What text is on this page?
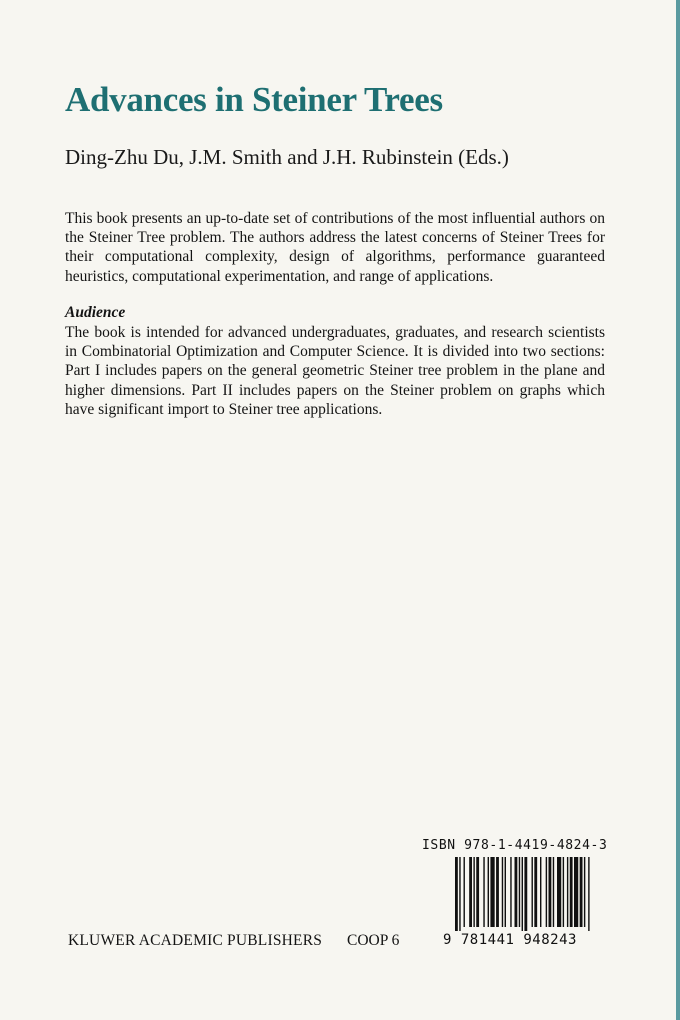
Advances in Steiner Trees
Ding-Zhu Du, J.M. Smith and J.H. Rubinstein (Eds.)

This book presents an up-to-date set of contributions of the most influential authors on the Steiner Tree problem. The authors address the latest concerns of Steiner Trees for their computational complexity, design of algorithms, performance guaranteed heuristics, computational experimentation, and range of applications.

Audience

The book is intended for advanced undergraduates, graduates, and research scientists in Combinatorial Optimization and Computer Science. It is divided into two sections: Part I includes papers on the general geometric Steiner tree problem in the plane and higher dimensions. Part II includes papers on the Steiner problem on graphs which have significant import to Steiner tree applications.

ISBN 978-1-4419-4824-3
9 781441 948243
KLUWER ACADEMIC PUBLISHERS COOP 6
